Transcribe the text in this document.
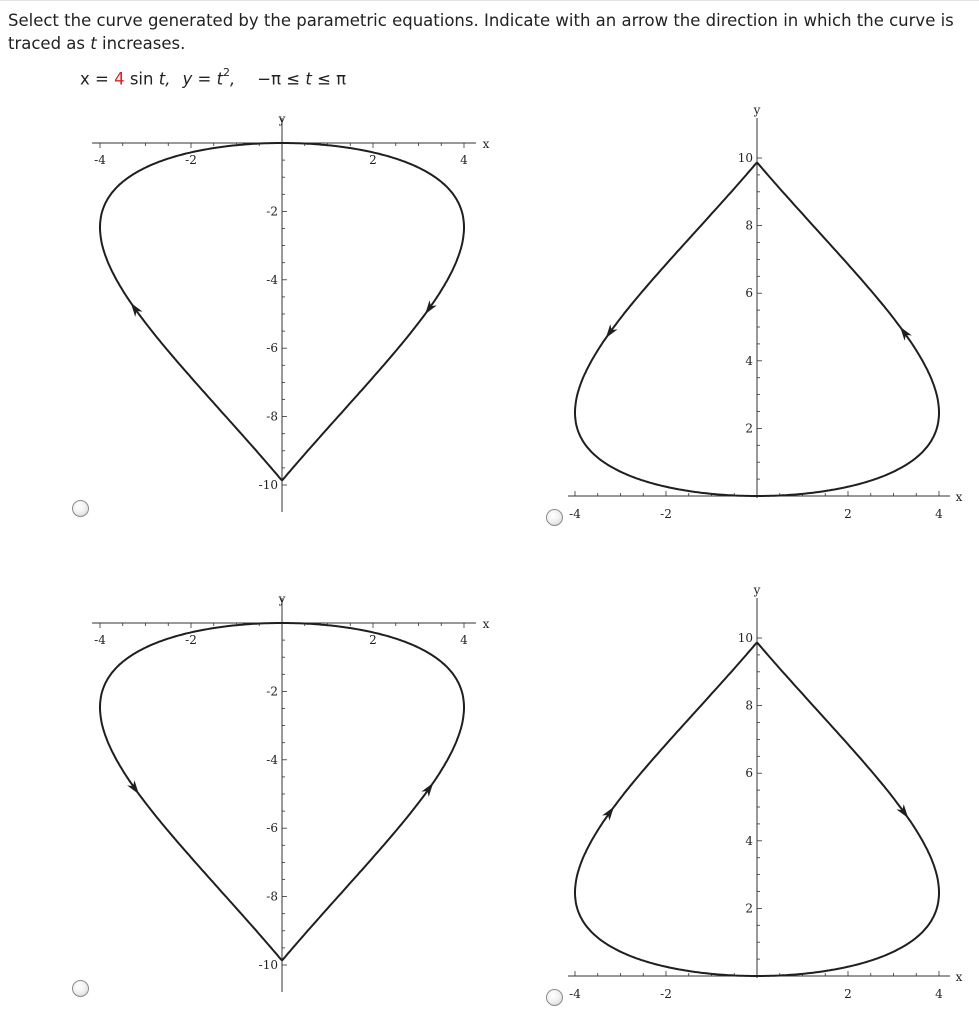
Select the curve generated by the parametric equations. Indicate with an arrow the direction in which the curve is traced as t increases.
x = 4 sin t, $y = t^2$, −π ≤ t ≤ π
-4	-2	2	4
-2
-4
-6
-8
-10
x
y
-4	-2	2	4
10
8
6
4
2
x
y
-4	-2	2	4
-2
-4
-6
-8
-10
x
y
-4	-2	2	4
10
8
6
4
2
x
y
